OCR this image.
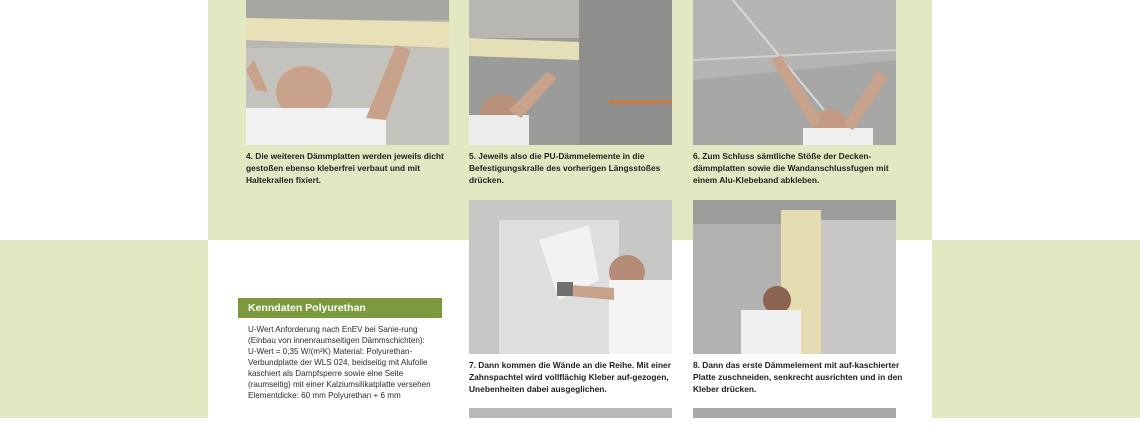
4. Die weiteren Dämmplatten werden jeweils dicht gestoßen ebenso kleberfrei verbaut und mit Haltekrallen fixiert.
5. Jeweils also die PU-Dämmelemente in die Befestigungskralle des vorherigen Längsstoßes drücken.
6. Zum Schluss sämtliche Stöße der Decken-dämmplatten sowie die Wandanschlussfugen mit einem Alu-Klebeband abkleben.
7. Dann kommen die Wände an die Reihe. Mit einer Zahnspachtel wird vollflächig Kleber auf-gezogen, Unebenheiten dabei ausgeglichen.
8. Dann das erste Dämmelement mit auf-kaschierter Platte zuschneiden, senkrecht ausrichten und in den Kleber drücken.
Kenndaten Polyurethan
U-Wert Anforderung nach EnEV bei Sanie-rung (Einbau von innenraumseitigen Dämmschichten): U-Wert = 0,35 W/(m²K) Material: Polyurethan-Verbundplatte der WLS 024, beidseitig mit Alufolie kaschiert als Dampfsperre sowie eine Seite (raumseitig) mit einer Kalziumsilikatplatte versehen Elementdicke: 60 mm Polyurethan + 6 mm
